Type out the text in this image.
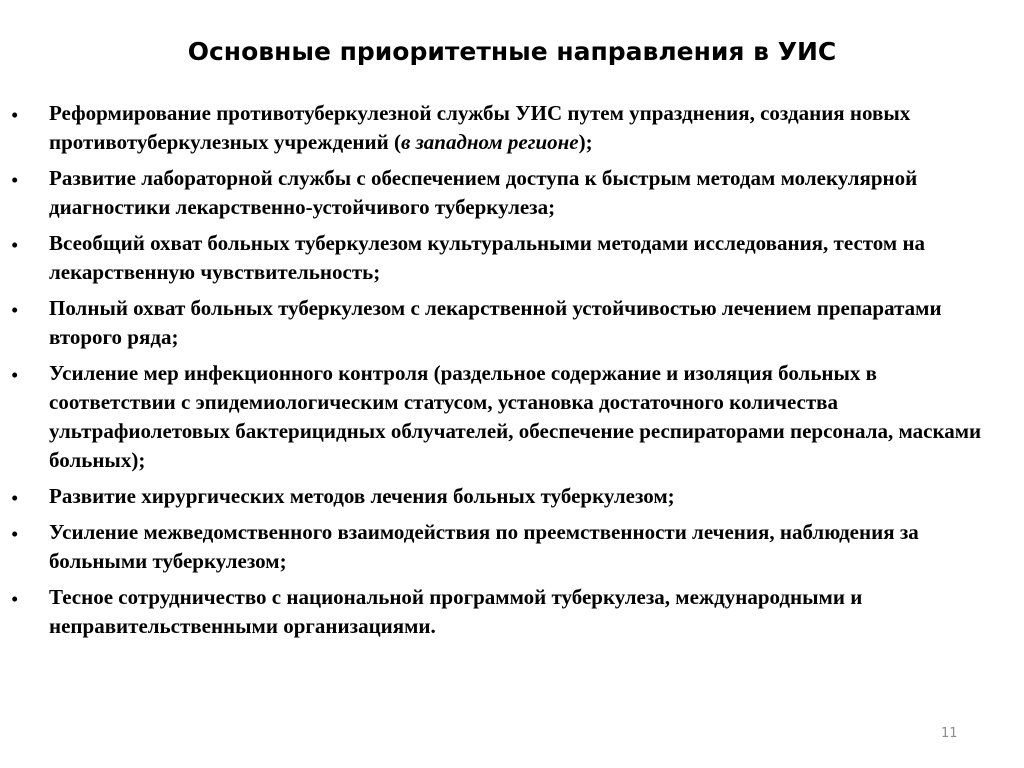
Основные приоритетные направления в УИС
• Реформирование противотуберкулезной службы УИС путем упразднения, создания новых противотуберкулезных учреждений (в западном регионе);
• Развитие лабораторной службы с обеспечением доступа к быстрым методам молекулярной диагностики лекарственно-устойчивого туберкулеза;
• Всеобщий охват больных туберкулезом культуральными методами исследования, тестом на лекарственную чувствительность;
• Полный охват больных туберкулезом с лекарственной устойчивостью лечением препаратами второго ряда;
• Усиление мер инфекционного контроля (раздельное содержание и изоляция больных в соответствии с эпидемиологическим статусом, установка достаточного количества ультрафиолетовых бактерицидных облучателей, обеспечение респираторами персонала, масками больных);
• Развитие хирургических методов лечения больных туберкулезом;
• Усиление межведомственного взаимодействия по преемственности лечения, наблюдения за больными туберкулезом;
• Тесное сотрудничество с национальной программой туберкулеза, международными и неправительственными организациями.
11
